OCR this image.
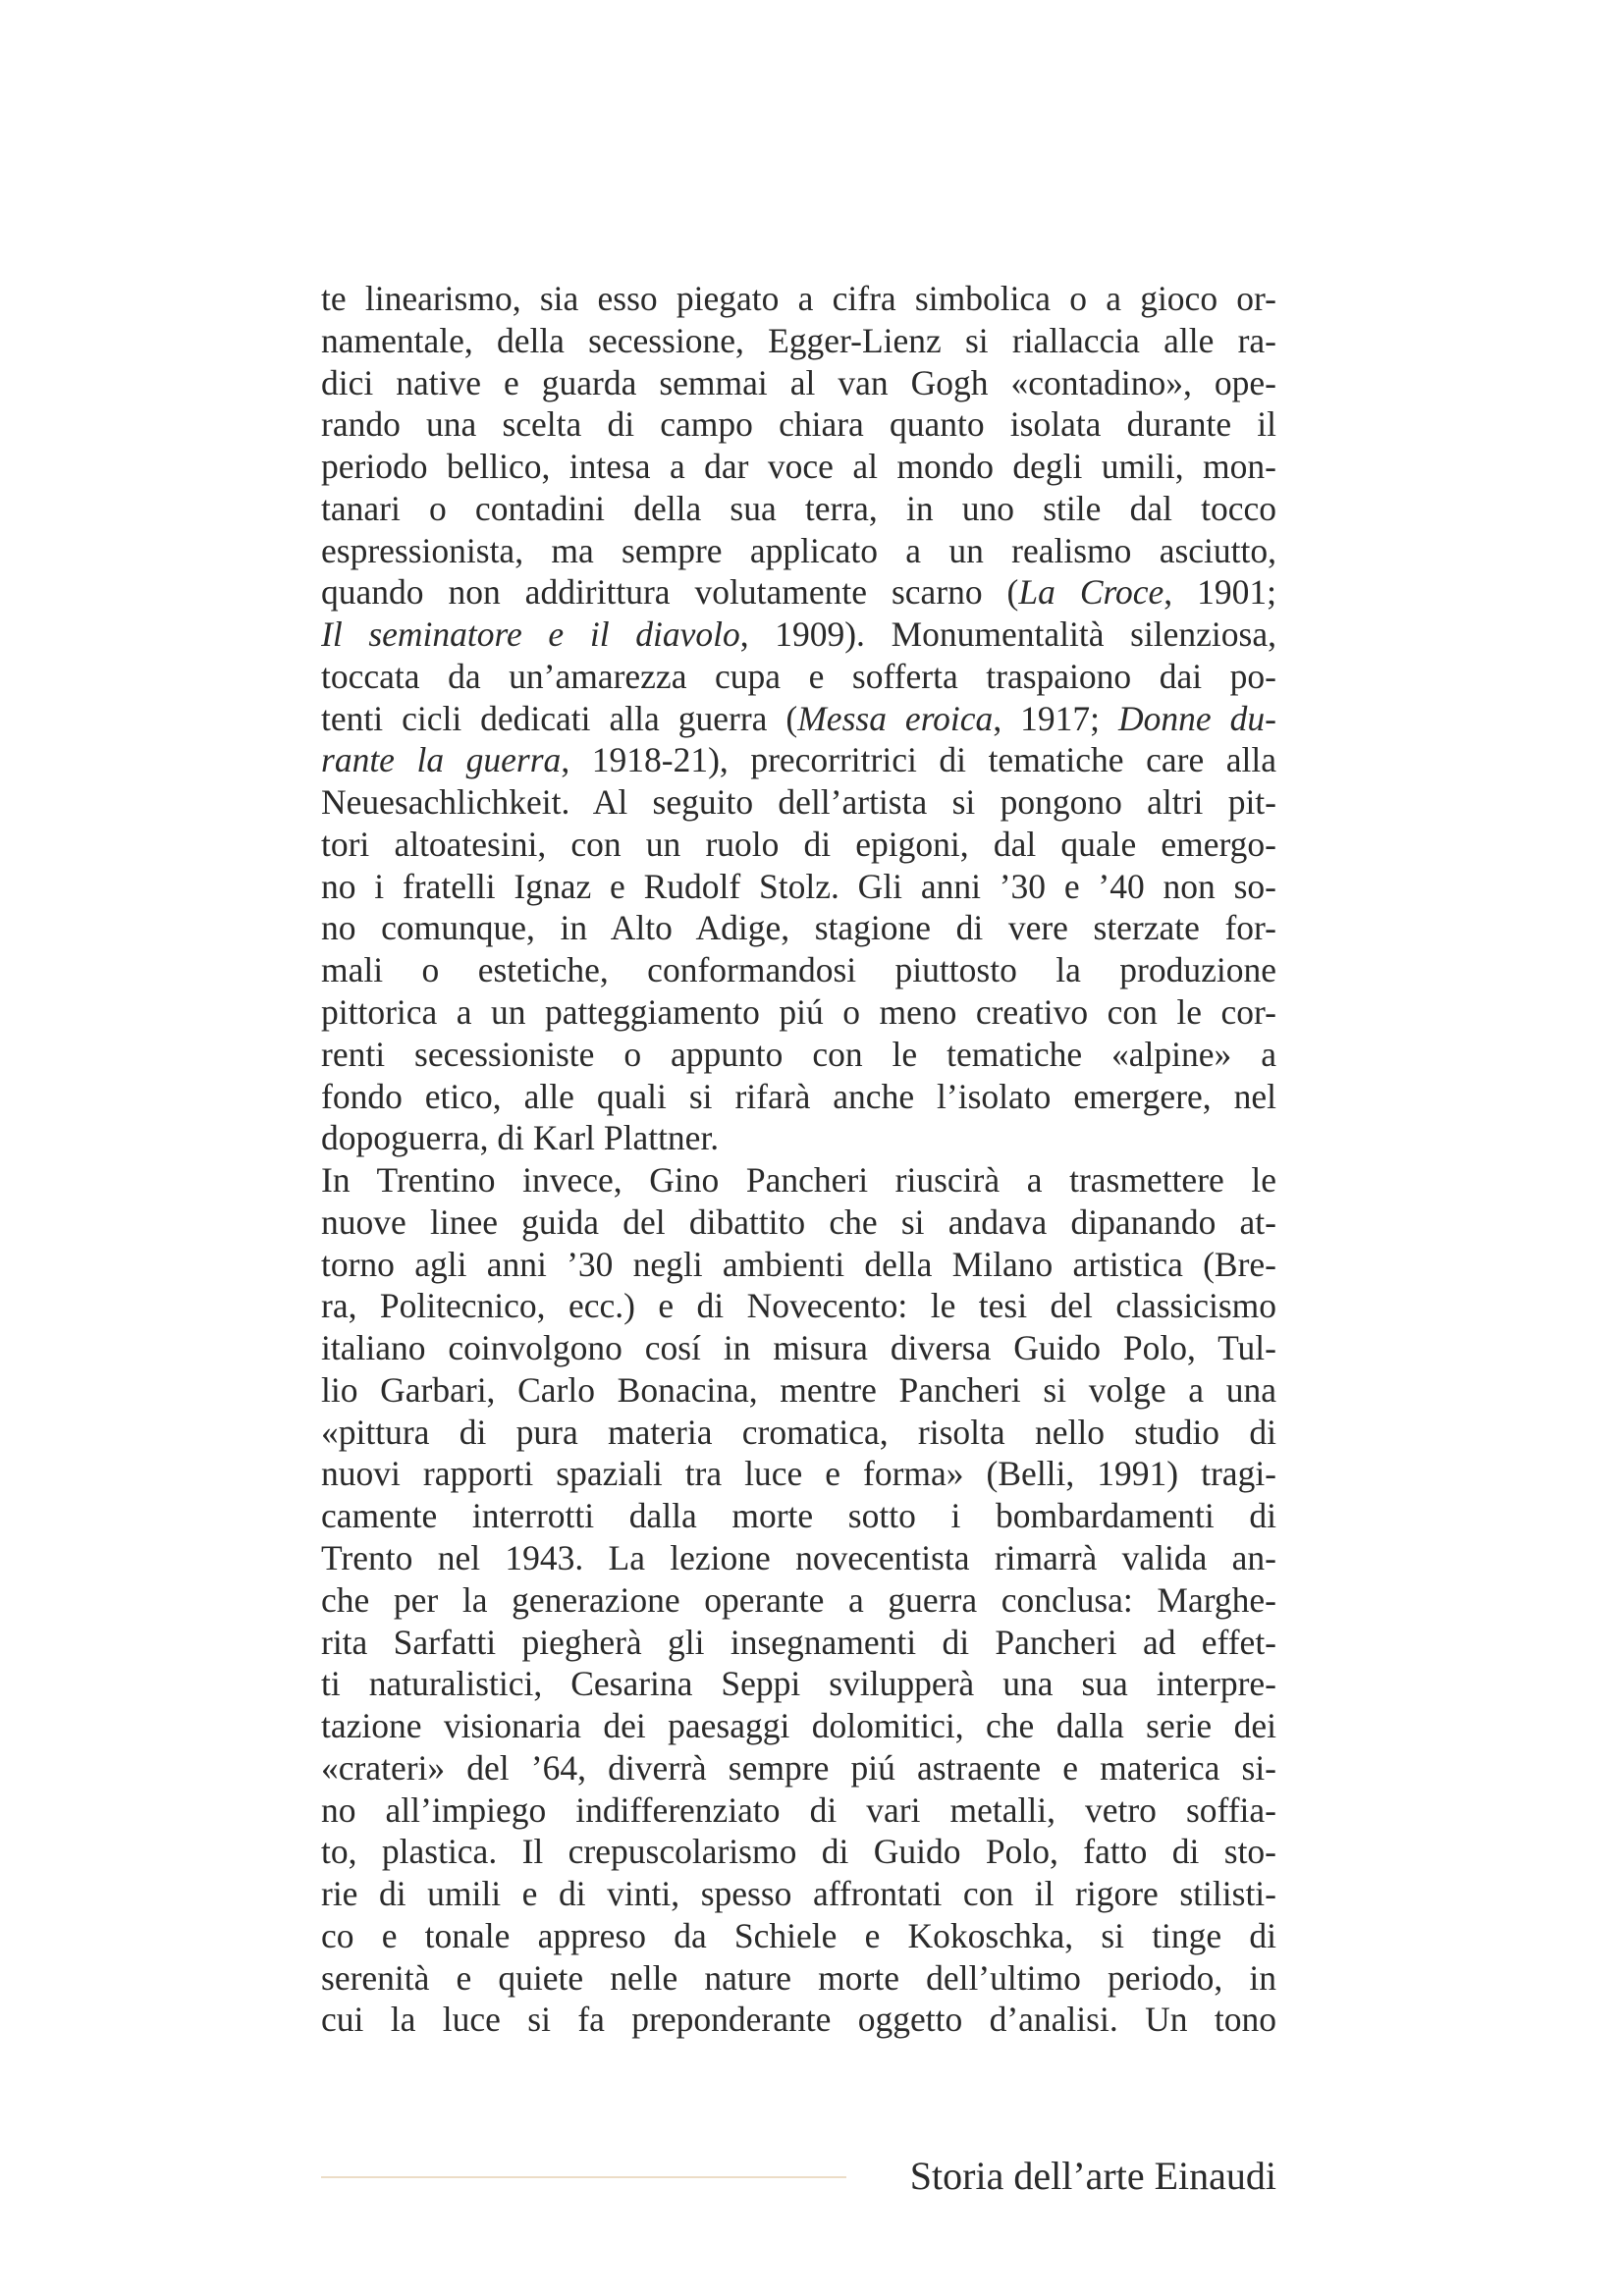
te linearismo, sia esso piegato a cifra simbolica o a gioco or-
namentale, della secessione, Egger-Lienz si riallaccia alle ra-
dici native e guarda semmai al van Gogh «contadino», ope-
rando una scelta di campo chiara quanto isolata durante il
periodo bellico, intesa a dar voce al mondo degli umili, mon-
tanari o contadini della sua terra, in uno stile dal tocco
espressionista, ma sempre applicato a un realismo asciutto,
quando non addirittura volutamente scarno (La Croce, 1901;
Il seminatore e il diavolo, 1909). Monumentalità silenziosa,
toccata da un’amarezza cupa e sofferta traspaiono dai po-
tenti cicli dedicati alla guerra (Messa eroica, 1917; Donne du-
rante la guerra, 1918-21), precorritrici di tematiche care alla
Neuesachlichkeit. Al seguito dell’artista si pongono altri pit-
tori altoatesini, con un ruolo di epigoni, dal quale emergo-
no i fratelli Ignaz e Rudolf Stolz. Gli anni ’30 e ’40 non so-
no comunque, in Alto Adige, stagione di vere sterzate for-
mali o estetiche, conformandosi piuttosto la produzione
pittorica a un patteggiamento piú o meno creativo con le cor-
renti secessioniste o appunto con le tematiche «alpine» a
fondo etico, alle quali si rifarà anche l’isolato emergere, nel
dopoguerra, di Karl Plattner.
In Trentino invece, Gino Pancheri riuscirà a trasmettere le
nuove linee guida del dibattito che si andava dipanando at-
torno agli anni ’30 negli ambienti della Milano artistica (Bre-
ra, Politecnico, ecc.) e di Novecento: le tesi del classicismo
italiano coinvolgono cosí in misura diversa Guido Polo, Tul-
lio Garbari, Carlo Bonacina, mentre Pancheri si volge a una
«pittura di pura materia cromatica, risolta nello studio di
nuovi rapporti spaziali tra luce e forma» (Belli, 1991) tragi-
camente interrotti dalla morte sotto i bombardamenti di
Trento nel 1943. La lezione novecentista rimarrà valida an-
che per la generazione operante a guerra conclusa: Marghe-
rita Sarfatti piegherà gli insegnamenti di Pancheri ad effet-
ti naturalistici, Cesarina Seppi svilupperà una sua interpre-
tazione visionaria dei paesaggi dolomitici, che dalla serie dei
«crateri» del ’64, diverrà sempre piú astraente e materica si-
no all’impiego indifferenziato di vari metalli, vetro soffia-
to, plastica. Il crepuscolarismo di Guido Polo, fatto di sto-
rie di umili e di vinti, spesso affrontati con il rigore stilisti-
co e tonale appreso da Schiele e Kokoschka, si tinge di
serenità e quiete nelle nature morte dell’ultimo periodo, in
cui la luce si fa preponderante oggetto d’analisi. Un tono
Storia dell’arte Einaudi
